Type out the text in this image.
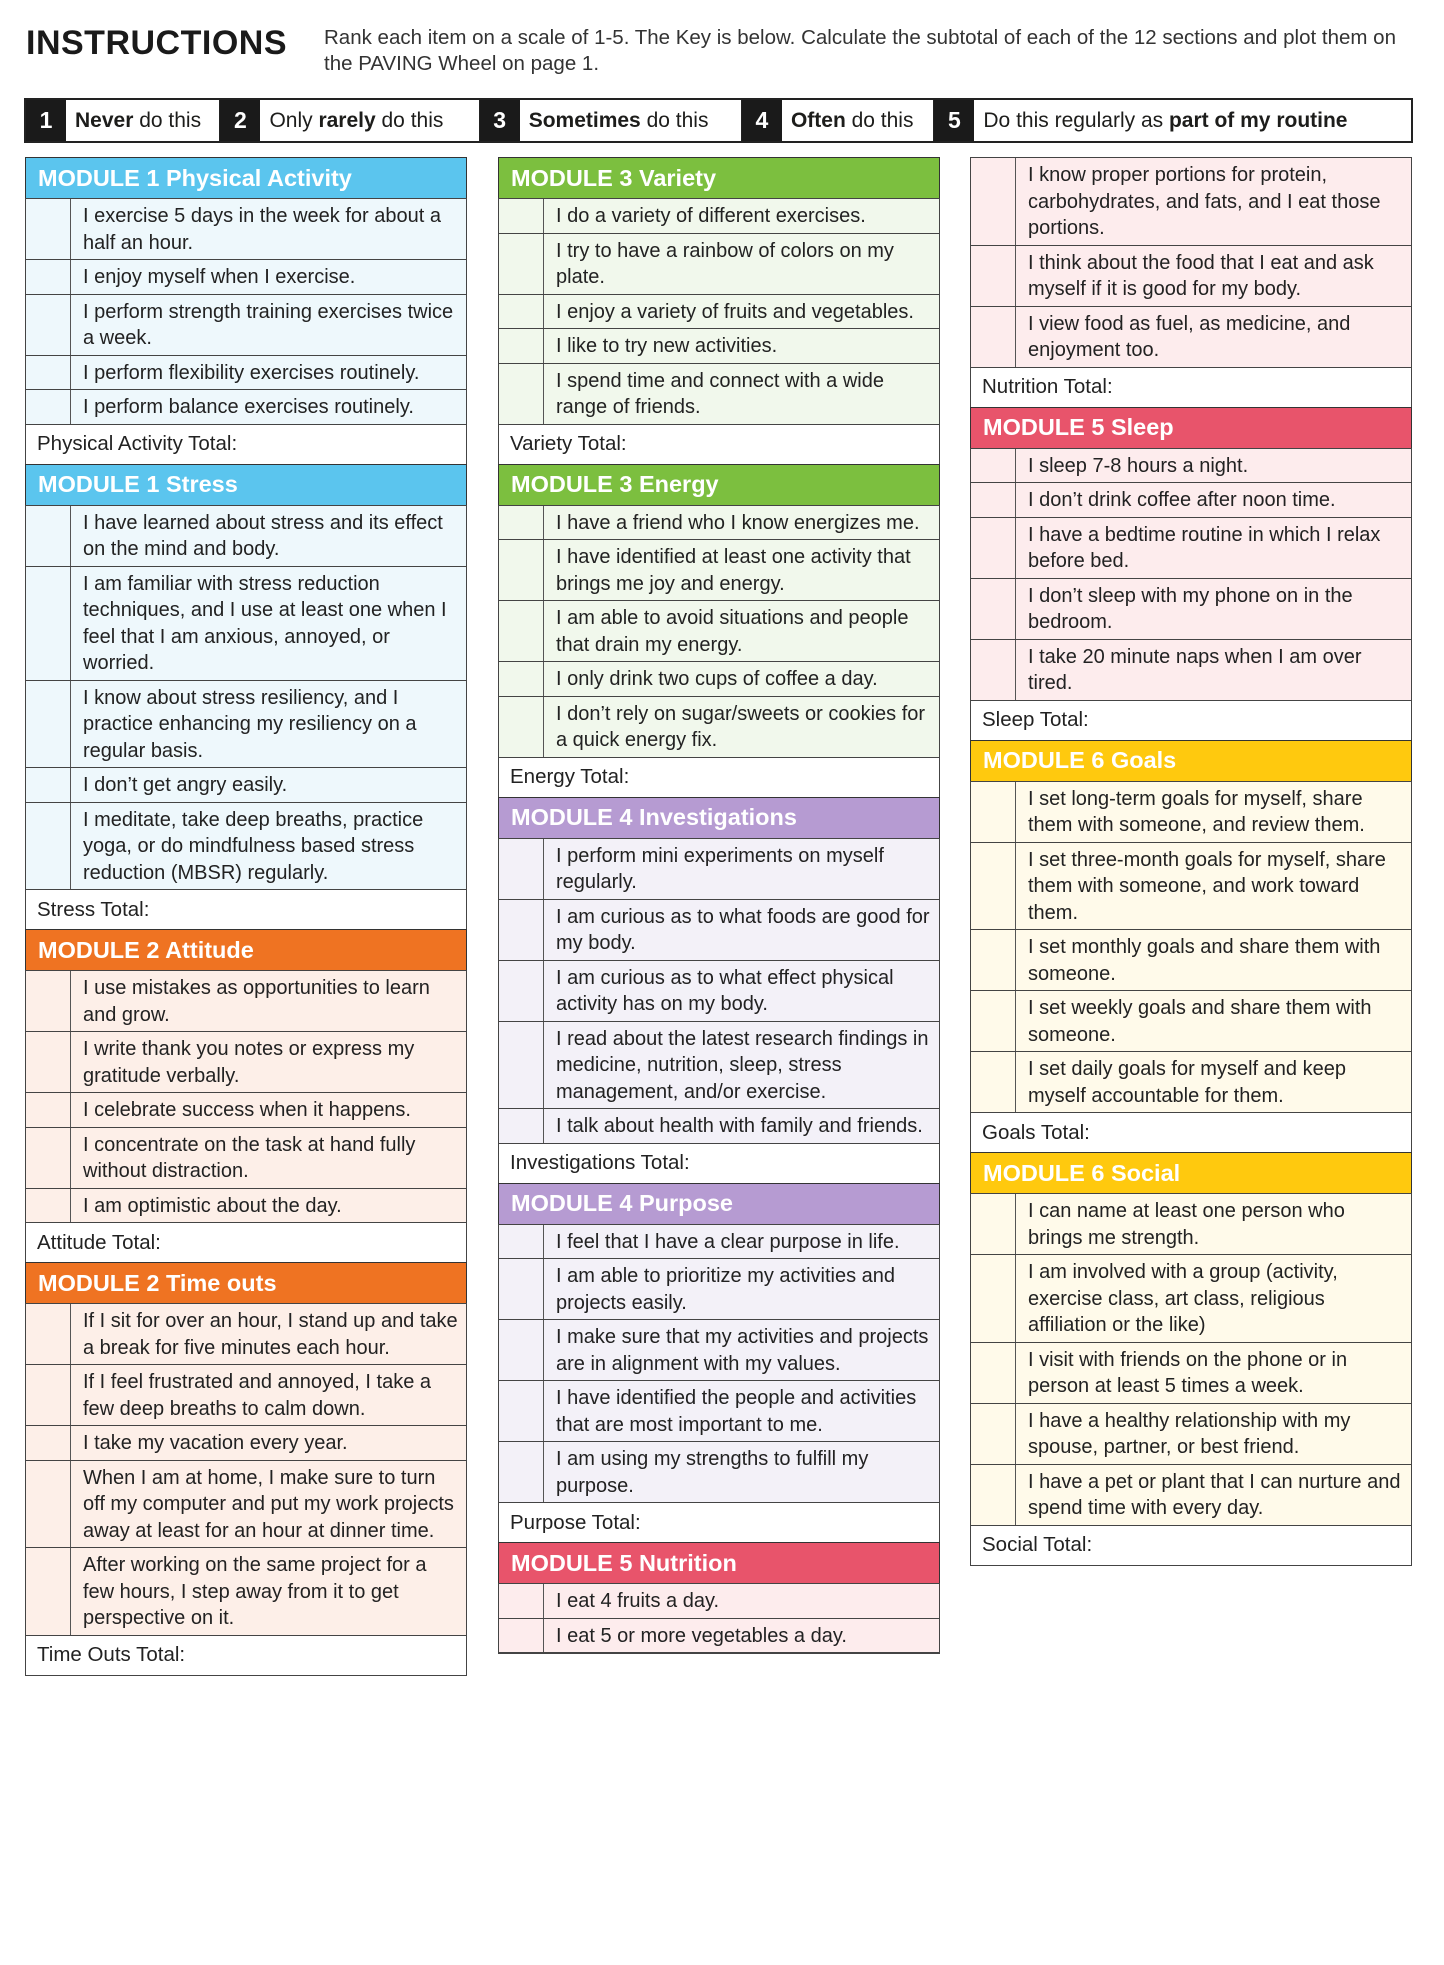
INSTRUCTIONS Rank each item on a scale of 1-5. The Key is below. Calculate the subtotal of each of the 12 sections and plot them on the PAVING Wheel on page 1.
1	Never do this	2	Only rarely do this	3	Sometimes do this	4	Often do this	5	Do this regularly as part of my routine
MODULE 1 Physical Activity
I exercise 5 days in the week for about a half an hour.
I enjoy myself when I exercise.
I perform strength training exercises twice a week.
I perform flexibility exercises routinely.
I perform balance exercises routinely.
Physical Activity Total:
MODULE 1 Stress
I have learned about stress and its effect on the mind and body.
I am familiar with stress reduction techniques, and I use at least one when I feel that I am anxious, annoyed, or worried.
I know about stress resiliency, and I practice enhancing my resiliency on a regular basis.
I don’t get angry easily.
I meditate, take deep breaths, practice yoga, or do mindfulness based stress reduction (MBSR) regularly.
Stress Total:
MODULE 2 Attitude
I use mistakes as opportunities to learn and grow.
I write thank you notes or express my gratitude verbally.
I celebrate success when it happens.
I concentrate on the task at hand fully without distraction.
I am optimistic about the day.
Attitude Total:
MODULE 2 Time outs
If I sit for over an hour, I stand up and take a break for five minutes each hour.
If I feel frustrated and annoyed, I take a few deep breaths to calm down.
I take my vacation every year.
When I am at home, I make sure to turn off my computer and put my work projects away at least for an hour at dinner time.
After working on the same project for a few hours, I step away from it to get perspective on it.
Time Outs Total:
MODULE 3 Variety
I do a variety of different exercises.
I try to have a rainbow of colors on my plate.
I enjoy a variety of fruits and vegetables.
I like to try new activities.
I spend time and connect with a wide range of friends.
Variety Total:
MODULE 3 Energy
I have a friend who I know energizes me.
I have identified at least one activity that brings me joy and energy.
I am able to avoid situations and people that drain my energy.
I only drink two cups of coffee a day.
I don’t rely on sugar/sweets or cookies for a quick energy fix.
Energy Total:
MODULE 4 Investigations
I perform mini experiments on myself regularly.
I am curious as to what foods are good for my body.
I am curious as to what effect physical activity has on my body.
I read about the latest research findings in medicine, nutrition, sleep, stress management, and/or exercise.
I talk about health with family and friends.
Investigations Total:
MODULE 4 Purpose
I feel that I have a clear purpose in life.
I am able to prioritize my activities and projects easily.
I make sure that my activities and projects are in alignment with my values.
I have identified the people and activities that are most important to me.
I am using my strengths to fulfill my purpose.
Purpose Total:
MODULE 5 Nutrition
I eat 4 fruits a day.
I eat 5 or more vegetables a day.
I know proper portions for protein, carbohydrates, and fats, and I eat those portions.
I think about the food that I eat and ask myself if it is good for my body.
I view food as fuel, as medicine, and enjoyment too.
Nutrition Total:
MODULE 5 Sleep
I sleep 7-8 hours a night.
I don’t drink coffee after noon time.
I have a bedtime routine in which I relax before bed.
I don’t sleep with my phone on in the bedroom.
I take 20 minute naps when I am over tired.
Sleep Total:
MODULE 6 Goals
I set long-term goals for myself, share them with someone, and review them.
I set three-month goals for myself, share them with someone, and work toward them.
I set monthly goals and share them with someone.
I set weekly goals and share them with someone.
I set daily goals for myself and keep myself accountable for them.
Goals Total:
MODULE 6 Social
I can name at least one person who brings me strength.
I am involved with a group (activity, exercise class, art class, religious affiliation or the like)
I visit with friends on the phone or in person at least 5 times a week.
I have a healthy relationship with my spouse, partner, or best friend.
I have a pet or plant that I can nurture and spend time with every day.
Social Total:
